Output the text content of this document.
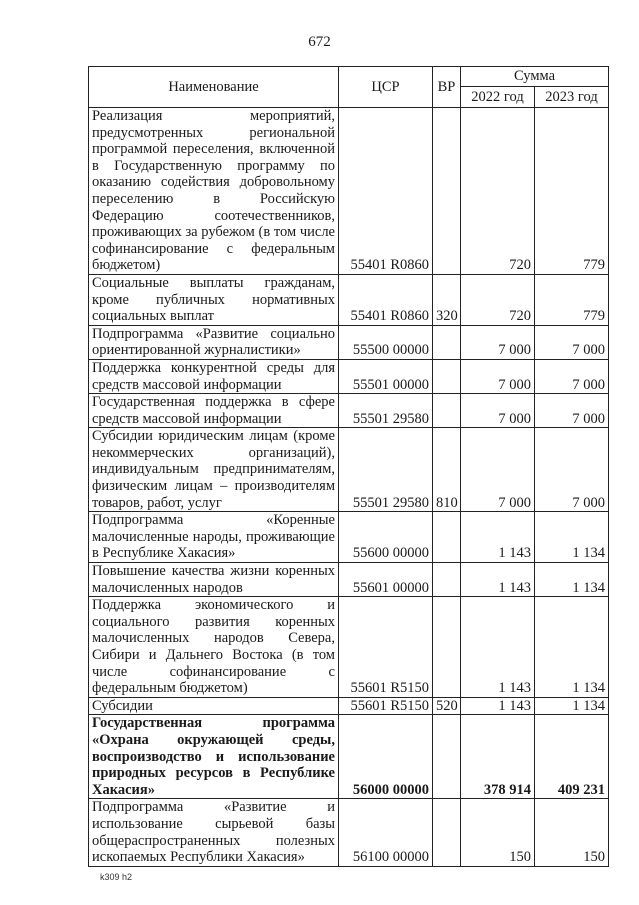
672
Наименование	ЦСР	ВР	Сумма	
			2022 год	2023 год
Реализация мероприятий, предусмотренных региональной программой переселения, включенной в Государственную программу по оказанию содействия добровольному переселению в Российскую Федерацию соотечественников, проживающих за рубежом (в том числе софинансирование с федеральным бюджетом)	55401 R0860		720	779
Социальные выплаты гражданам, кроме публичных нормативных социальных выплат	55401 R0860	320	720	779
Подпрограмма «Развитие социально ориентированной журналистики»	55500 00000		7 000	7 000
Поддержка конкурентной среды для средств массовой информации	55501 00000		7 000	7 000
Государственная поддержка в сфере средств массовой информации	55501 29580		7 000	7 000
Субсидии юридическим лицам (кроме некоммерческих организаций), индивидуальным предпринимателям, физическим лицам – производителям товаров, работ, услуг	55501 29580	810	7 000	7 000
Подпрограмма «Коренные малочисленные народы, проживающие в Республике Хакасия»	55600 00000		1 143	1 134
Повышение качества жизни коренных малочисленных народов	55601 00000		1 143	1 134
Поддержка экономического и социального развития коренных малочисленных народов Севера, Сибири и Дальнего Востока (в том числе софинансирование с федеральным бюджетом)	55601 R5150		1 143	1 134
Субсидии	55601 R5150	520	1 143	1 134
Государственная программа «Охрана окружающей среды, воспроизводство и использование природных ресурсов в Республике Хакасия»	56000 00000		378 914	409 231
Подпрограмма «Развитие и использование сырьевой базы общераспространенных полезных ископаемых Республики Хакасия»	56100 00000		150	150
k309 h2
